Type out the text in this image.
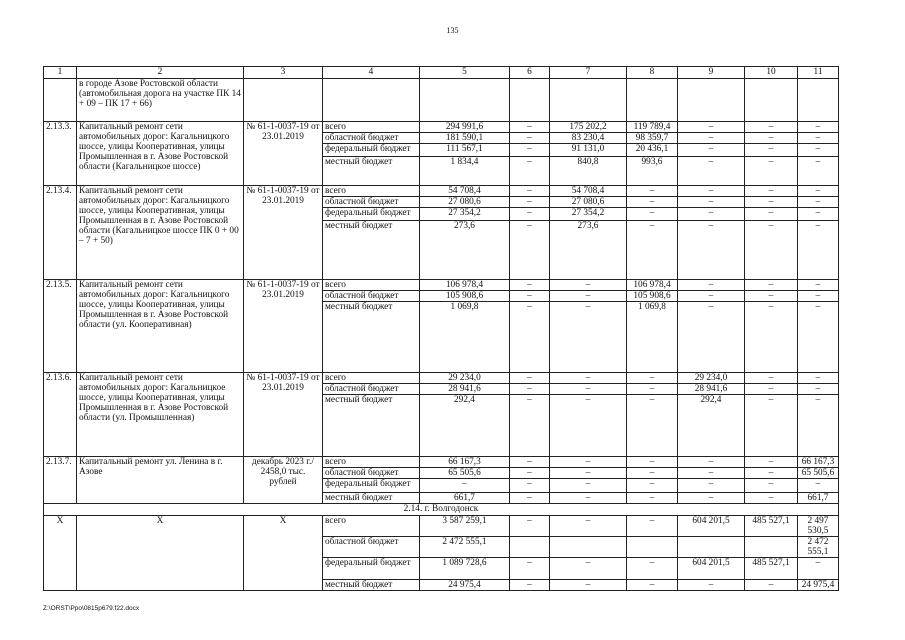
135
1	2	3	4	5	6	7	8	9	10	11
	в городе Азове Ростовской области (автомобильная дорога на участке ПК 14 + 09 – ПК 17 + 66)									
2.13.3.	Капитальный ремонт сети автомобильных дорог: Кагальницкого шоссе, улицы Кооперативная, улицы Промышленная в г. Азове Ростовской области (Кагальницкое шоссе)	№ 61-1-0037-19 от 23.01.2019	всего	294 991,6	–	175 202,2	119 789,4	–	–	–
			областной бюджет	181 590,1	–	83 230,4	98 359,7	–	–	–
			федеральный бюджет	111 567,1	–	91 131,0	20 436,1	–	–	–
			местный бюджет	1 834,4	–	840,8	993,6	–	–	–
2.13.4.	Капитальный ремонт сети автомобильных дорог: Кагальницкого шоссе, улицы Кооперативная, улицы Промышленная в г. Азове Ростовской области (Кагальницкое шоссе ПК 0 + 00 – 7 + 50)	№ 61-1-0037-19 от 23.01.2019	всего	54 708,4	–	54 708,4	–	–	–	–
			областной бюджет	27 080,6	–	27 080,6	–	–	–	–
			федеральный бюджет	27 354,2	–	27 354,2	–	–	–	–
			местный бюджет	273,6	–	273,6	–	–	–	–
2.13.5.	Капитальный ремонт сети автомобильных дорог: Кагальницкого шоссе, улицы Кооперативная, улицы Промышленная в г. Азове Ростовской области (ул. Кооперативная)	№ 61-1-0037-19 от 23.01.2019	всего	106 978,4	–	–	106 978,4	–	–	–
			областной бюджет	105 908,6	–	–	105 908,6	–	–	–
			местный бюджет	1 069,8	–	–	1 069,8	–	–	–
2.13.6.	Капитальный ремонт сети автомобильных дорог: Кагальницкое шоссе, улицы Кооперативная, улицы Промышленная в г. Азове Ростовской области (ул. Промышленная)	№ 61-1-0037-19 от 23.01.2019	всего	29 234,0	–	–	–	29 234,0	–	–
			областной бюджет	28 941,6	–	–	–	28 941,6	–	–
			местный бюджет	292,4	–	–	–	292,4	–	–
2.13.7.	Капитальный ремонт ул. Ленина в г. Азове	декабрь 2023 г./ 2458,0 тыс. рублей	всего	66 167,3	–	–	–	–	–	66 167,3
			областной бюджет	65 505,6	–	–	–	–	–	65 505,6
			федеральный бюджет	–	–	–	–	–	–	–
			местный бюджет	661,7	–	–	–	–	–	661,7
2.14. г. Волгодонск										
Х	Х	Х	всего	3 587 259,1	–	–	–	604 201,5	485 527,1	2 497 530,5
			областной бюджет	2 472 555,1						2 472 555,1
			федеральный бюджет	1 089 728,6	–	–	–	604 201,5	485 527,1	–
			местный бюджет	24 975,4	–	–	–	–	–	24 975,4
Z:\ORST\Ppo\0815p679.f22.docx
